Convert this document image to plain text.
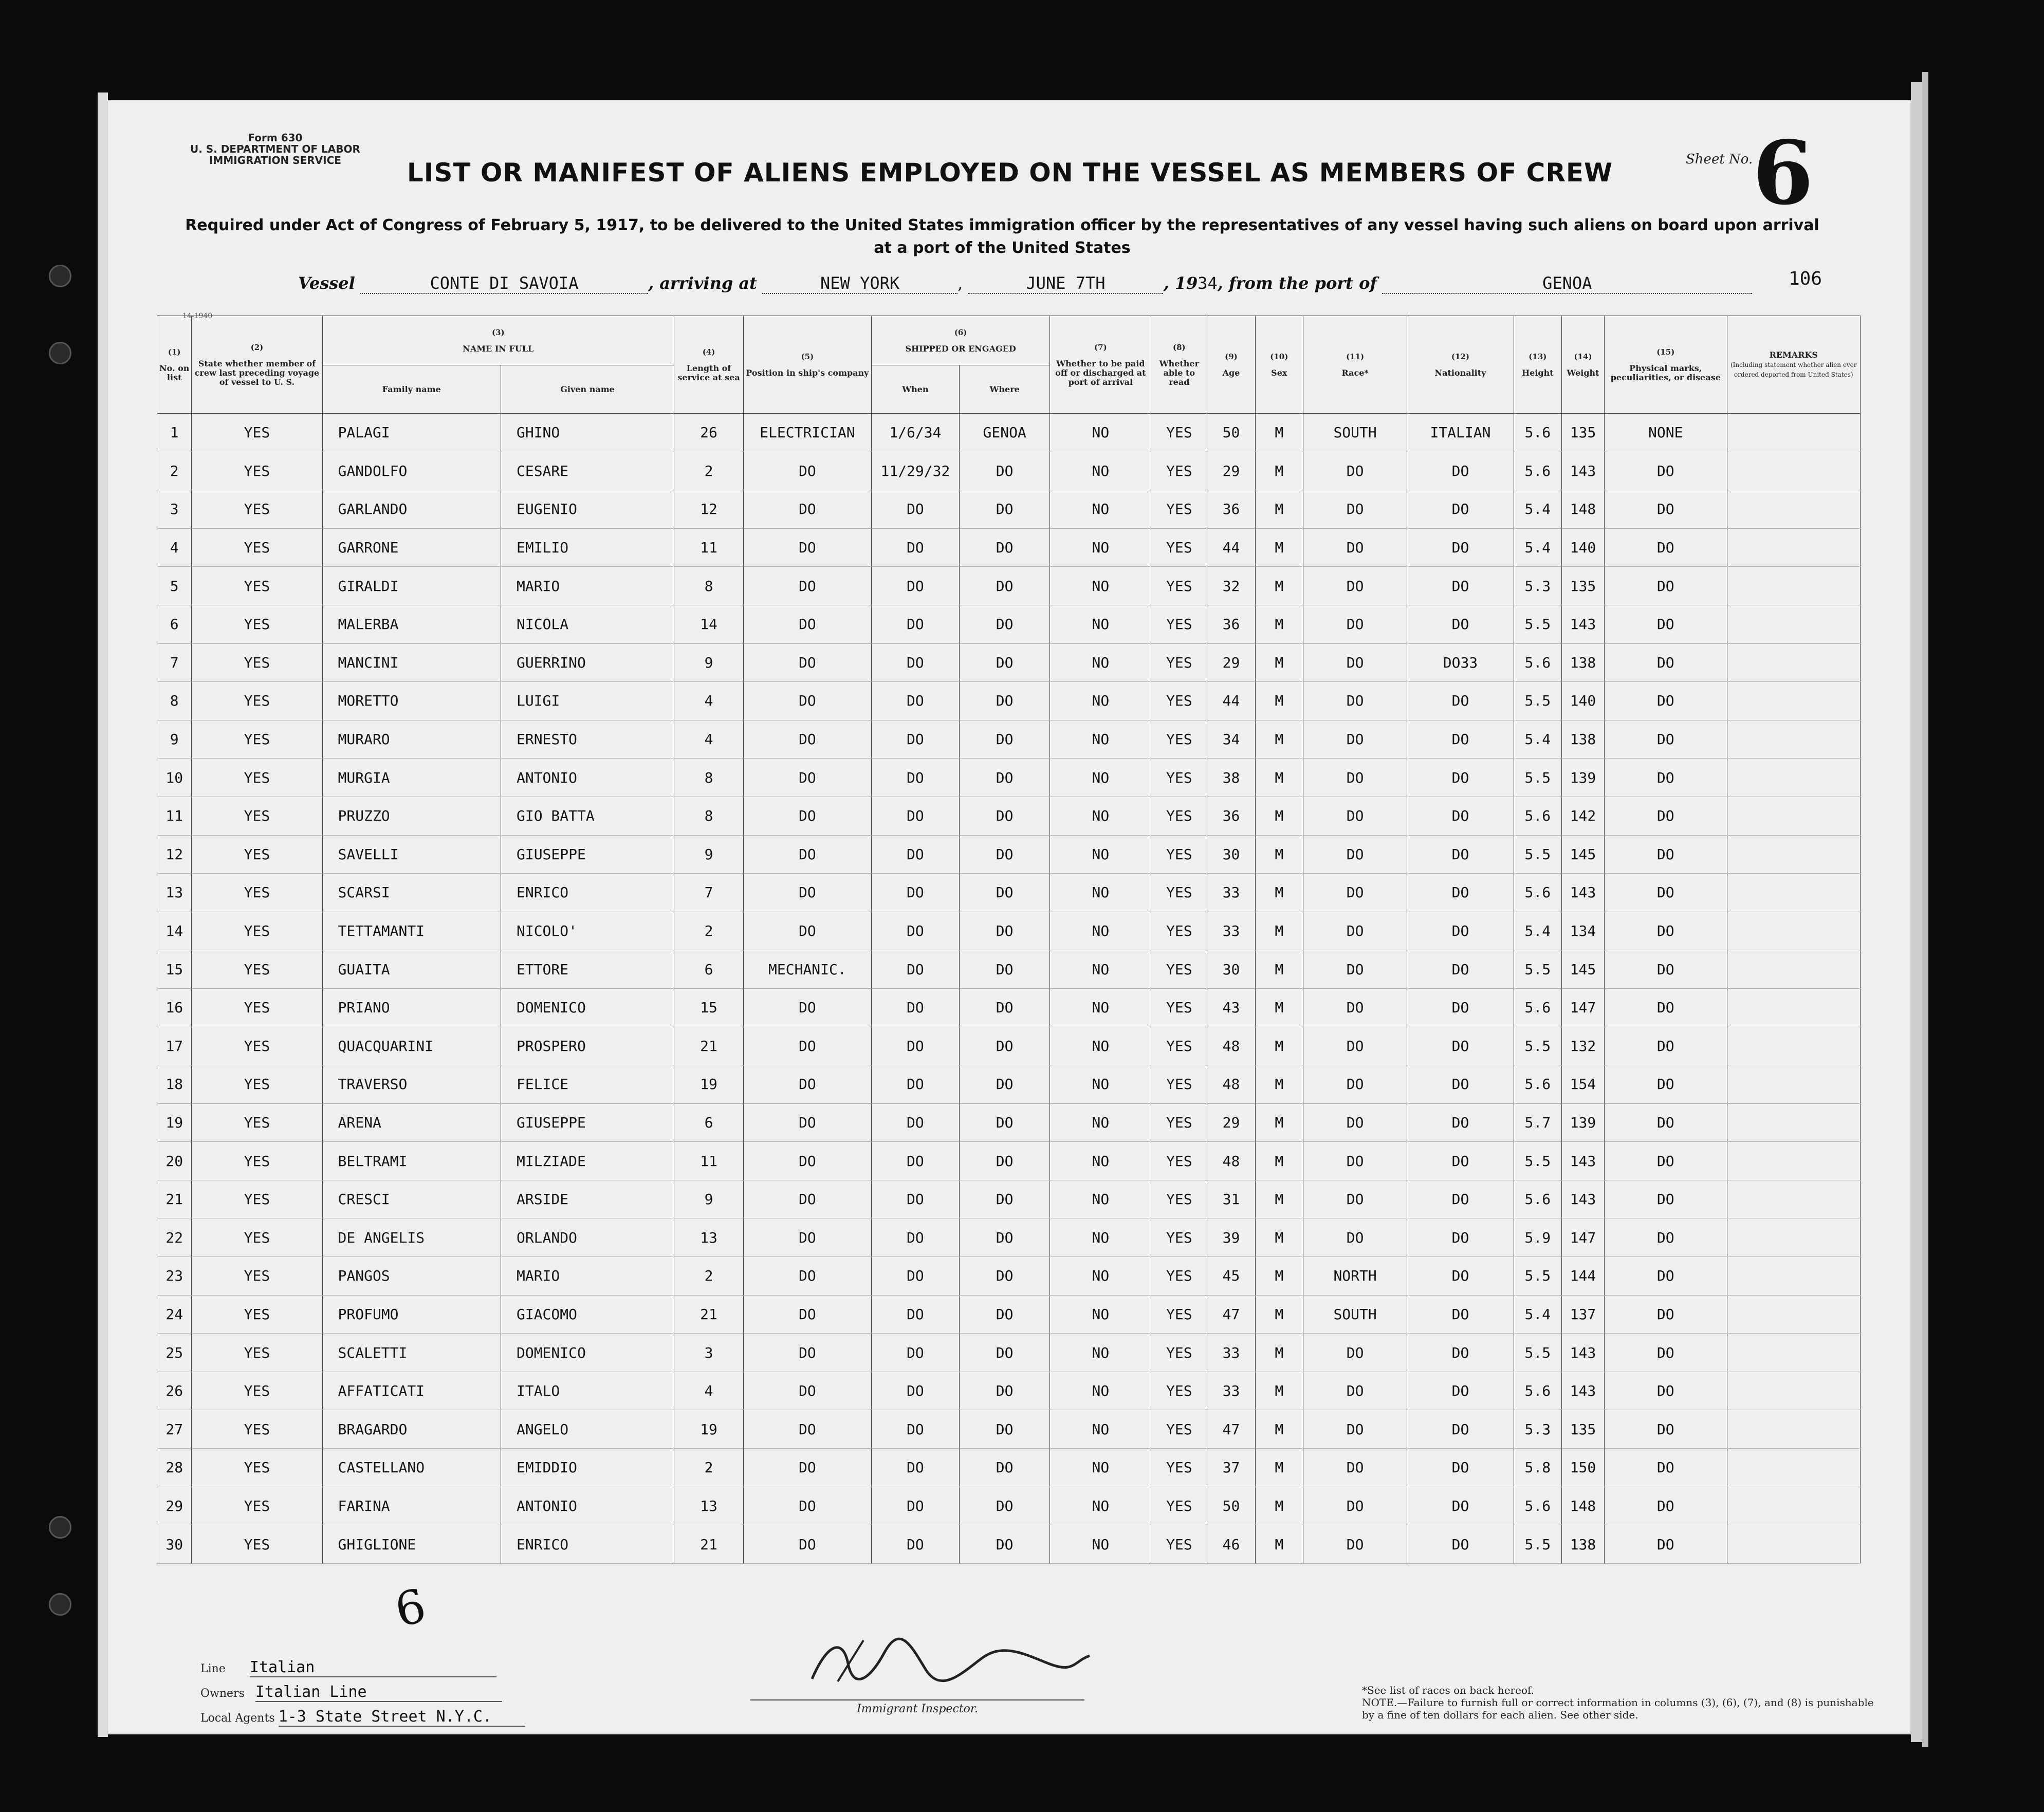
Form 630
U. S. DEPARTMENT OF LABOR
IMMIGRATION SERVICE	LIST OR MANIFEST OF ALIENS EMPLOYED ON THE VESSEL AS MEMBERS OF CREW
Required under Act of Congress of February 5, 1917, to be delivered to the United States immigration officer by the representatives of any vessel having such aliens on board upon arrival at a port of the United States
Sheet No. 6
106
14-1940
Vessel	CONTE DI SAVOIA	, arriving at	NEW YORK	,	JUNE 7TH	, 1934, from the port of	GENOA
(1)
No. on list	(2)
State whether member of crew last preceding voyage of vessel to U. S.	(3)
NAME IN FULL		(4)
Length of service at sea	(5)
Position in ship's company	(6)
SHIPPED OR ENGAGED		(7)
Whether to be paid off or discharged at port of arrival	(8)
Whether able to read	(9)
Age	(10)
Sex	(11)
Race*	(12)
Nationality	(13)
Height	(14)
Weight	(15)
Physical marks, peculiarities, or disease	REMARKS
(Including statement whether alien ever ordered deported from United States)
		Family name	Given name			When	Where										
1	YES	PALAGI	GHINO	26	ELECTRICIAN	1/6/34	GENOA	NO	YES	50	M	SOUTH	ITALIAN	5.6	135	NONE	
2	YES	GANDOLFO	CESARE	2	DO	11/29/32	DO	NO	YES	29	M	DO	DO	5.6	143	DO	
3	YES	GARLANDO	EUGENIO	12	DO	DO	DO	NO	YES	36	M	DO	DO	5.4	148	DO	
4	YES	GARRONE	EMILIO	11	DO	DO	DO	NO	YES	44	M	DO	DO	5.4	140	DO	
5	YES	GIRALDI	MARIO	8	DO	DO	DO	NO	YES	32	M	DO	DO	5.3	135	DO	
6	YES	MALERBA	NICOLA	14	DO	DO	DO	NO	YES	36	M	DO	DO	5.5	143	DO	
7	YES	MANCINI	GUERRINO	9	DO	DO	DO	NO	YES	29	M	DO	DO33	5.6	138	DO	
8	YES	MORETTO	LUIGI	4	DO	DO	DO	NO	YES	44	M	DO	DO	5.5	140	DO	
9	YES	MURARO	ERNESTO	4	DO	DO	DO	NO	YES	34	M	DO	DO	5.4	138	DO	
10	YES	MURGIA	ANTONIO	8	DO	DO	DO	NO	YES	38	M	DO	DO	5.5	139	DO	
11	YES	PRUZZO	GIO BATTA	8	DO	DO	DO	NO	YES	36	M	DO	DO	5.6	142	DO	
12	YES	SAVELLI	GIUSEPPE	9	DO	DO	DO	NO	YES	30	M	DO	DO	5.5	145	DO	
13	YES	SCARSI	ENRICO	7	DO	DO	DO	NO	YES	33	M	DO	DO	5.6	143	DO	
14	YES	TETTAMANTI	NICOLO'	2	DO	DO	DO	NO	YES	33	M	DO	DO	5.4	134	DO	
15	YES	GUAITA	ETTORE	6	MECHANIC.	DO	DO	NO	YES	30	M	DO	DO	5.5	145	DO	
16	YES	PRIANO	DOMENICO	15	DO	DO	DO	NO	YES	43	M	DO	DO	5.6	147	DO	
17	YES	QUACQUARINI	PROSPERO	21	DO	DO	DO	NO	YES	48	M	DO	DO	5.5	132	DO	
18	YES	TRAVERSO	FELICE	19	DO	DO	DO	NO	YES	48	M	DO	DO	5.6	154	DO	
19	YES	ARENA	GIUSEPPE	6	DO	DO	DO	NO	YES	29	M	DO	DO	5.7	139	DO	
20	YES	BELTRAMI	MILZIADE	11	DO	DO	DO	NO	YES	48	M	DO	DO	5.5	143	DO	
21	YES	CRESCI	ARSIDE	9	DO	DO	DO	NO	YES	31	M	DO	DO	5.6	143	DO	
22	YES	DE ANGELIS	ORLANDO	13	DO	DO	DO	NO	YES	39	M	DO	DO	5.9	147	DO	
23	YES	PANGOS	MARIO	2	DO	DO	DO	NO	YES	45	M	NORTH	DO	5.5	144	DO	
24	YES	PROFUMO	GIACOMO	21	DO	DO	DO	NO	YES	47	M	SOUTH	DO	5.4	137	DO	
25	YES	SCALETTI	DOMENICO	3	DO	DO	DO	NO	YES	33	M	DO	DO	5.5	143	DO	
26	YES	AFFATICATI	ITALO	4	DO	DO	DO	NO	YES	33	M	DO	DO	5.6	143	DO	
27	YES	BRAGARDO	ANGELO	19	DO	DO	DO	NO	YES	47	M	DO	DO	5.3	135	DO	
28	YES	CASTELLANO	EMIDDIO	2	DO	DO	DO	NO	YES	37	M	DO	DO	5.8	150	DO	
29	YES	FARINA	ANTONIO	13	DO	DO	DO	NO	YES	50	M	DO	DO	5.6	148	DO	
30	YES	GHIGLIONE	ENRICO	21	DO	DO	DO	NO	YES	46	M	DO	DO	5.5	138	DO	
6
Line Italian
Owners Italian Line
Local Agents 1-3 State Street N.Y.C.	Immigrant Inspector.
*See list of races on back hereof.
NOTE.—Failure to furnish full or correct information in columns (3), (6), (7), and (8) is punishable by a fine of ten dollars for each alien. See other side.
